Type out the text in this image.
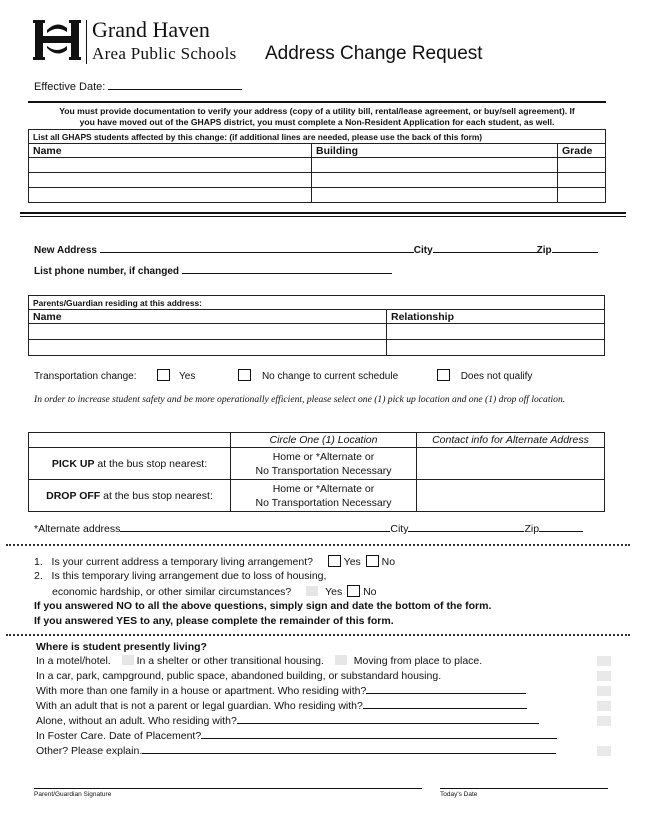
Grand Haven
Area Public Schools Address Change Request
Effective Date:
You must provide documentation to verify your address (copy of a utility bill, rental/lease agreement, or buy/sell agreement). If
you have moved out of the GHAPS district, you must complete a Non-Resident Application for each student, as well.
List all GHAPS students affected by this change: (if additional lines are needed, please use the back of this form)		
Name	Building	Grade

New Address	City	Zip
List phone number, if changed
Parents/Guardian residing at this address:	
Name	Relationship

Transportation change:	Yes	No change to current schedule	Does not qualify
In order to increase student safety and be more operationally efficient, please select one (1) pick up location and one (1) drop off location.
	Circle One (1) Location	Contact info for Alternate Address
PICK UP at the bus stop nearest:	Home or *Alternate or
No Transportation Necessary	

DROP OFF at the bus stop nearest:	Home or *Alternate or
No Transportation Necessary	

*Alternate address	City	Zip
1. Is your current address a temporary living arrangement?	Yes No
2. Is this temporary living arrangement due to loss of housing,
economic hardship, or other similar circumstances?	Yes No
If you answered NO to all the above questions, simply sign and date the bottom of the form.
If you answered YES to any, please complete the remainder of this form.
Where is student presently living?
In a motel/hotel. In a shelter or other transitional housing.	Moving from place to place.
In a car, park, campground, public space, abandoned building, or substandard housing.
With more than one family in a house or apartment. Who residing with?
With an adult that is not a parent or legal guardian. Who residing with?
Alone, without an adult. Who residing with?
In Foster Care. Date of Placement?
Other? Please explain.
Parent/Guardian Signature	Today's Date
